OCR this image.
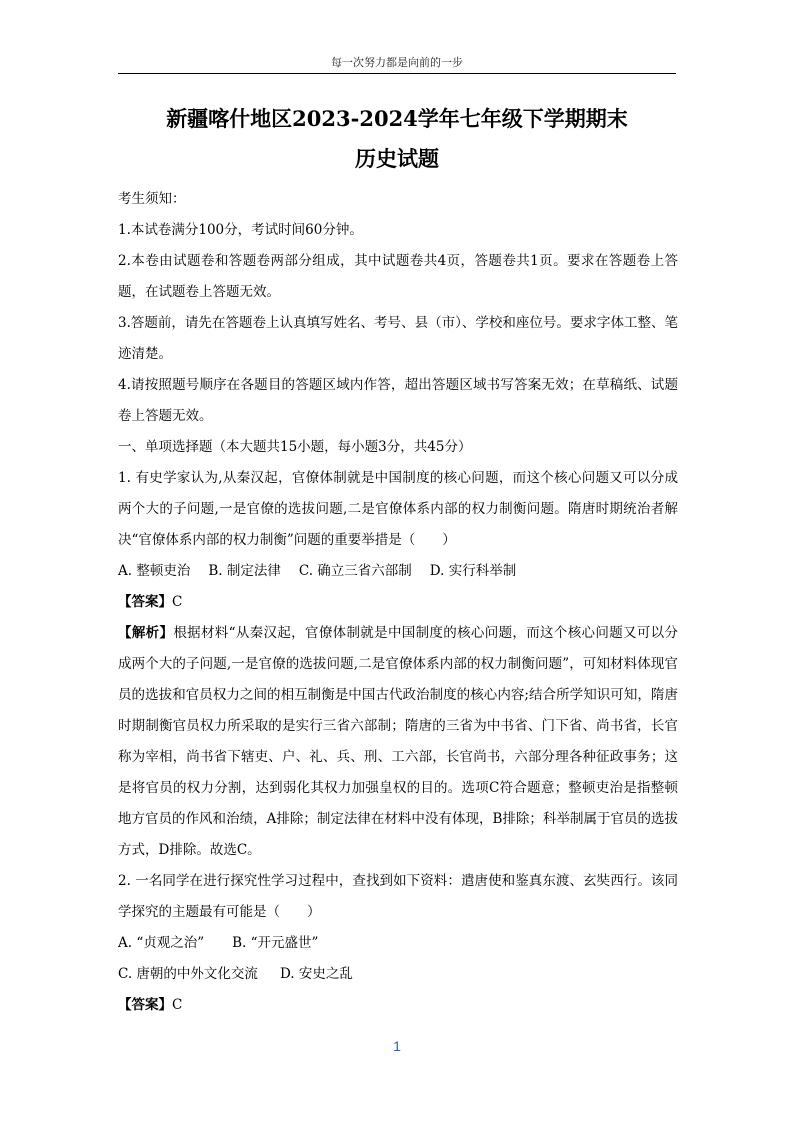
每一次努力都是向前的一步
新疆喀什地区2023-2024学年七年级下学期期末
历史试题

考生须知：

1.本试卷满分100分，考试时间60分钟。

2.本卷由试题卷和答题卷两部分组成，其中试题卷共4页，答题卷共1页。要求在答题卷上答题，在试题卷上答题无效。

3.答题前，请先在答题卷上认真填写姓名、考号、县（市）、学校和座位号。要求字体工整、笔迹清楚。

4.请按照题号顺序在各题目的答题区域内作答，超出答题区域书写答案无效；在草稿纸、试题卷上答题无效。

一、单项选择题（本大题共15小题，每小题3分，共45分）

1. 有史学家认为,从秦汉起，官僚体制就是中国制度的核心问题，而这个核心问题又可以分成两个大的子问题,一是官僚的选拔问题,二是官僚体系内部的权力制衡问题。隋唐时期统治者解决“官僚体系内部的权力制衡”问题的重要举措是（　　）

A. 整顿吏治 B. 制定法律 C. 确立三省六部制 D. 实行科举制

【答案】C

【解析】根据材料“从秦汉起，官僚体制就是中国制度的核心问题，而这个核心问题又可以分成两个大的子问题,一是官僚的选拔问题,二是官僚体系内部的权力制衡问题”，可知材料体现官员的选拔和官员权力之间的相互制衡是中国古代政治制度的核心内容;结合所学知识可知，隋唐时期制衡官员权力所采取的是实行三省六部制；隋唐的三省为中书省、门下省、尚书省，长官称为宰相，尚书省下辖吏、户、礼、兵、刑、工六部，长官尚书，六部分理各种征政事务；这是将官员的权力分割，达到弱化其权力加强皇权的目的。选项C符合题意；整顿吏治是指整顿地方官员的作风和治绩，A排除；制定法律在材料中没有体现，B排除；科举制属于官员的选拔方式，D排除。故选C。

2. 一名同学在进行探究性学习过程中，查找到如下资料：遣唐使和鉴真东渡、玄奘西行。该同学探究的主题最有可能是（　　）

A. “贞观之治” B. “开元盛世”

C. 唐朝的中外文化交流 D. 安史之乱

【答案】C

1
